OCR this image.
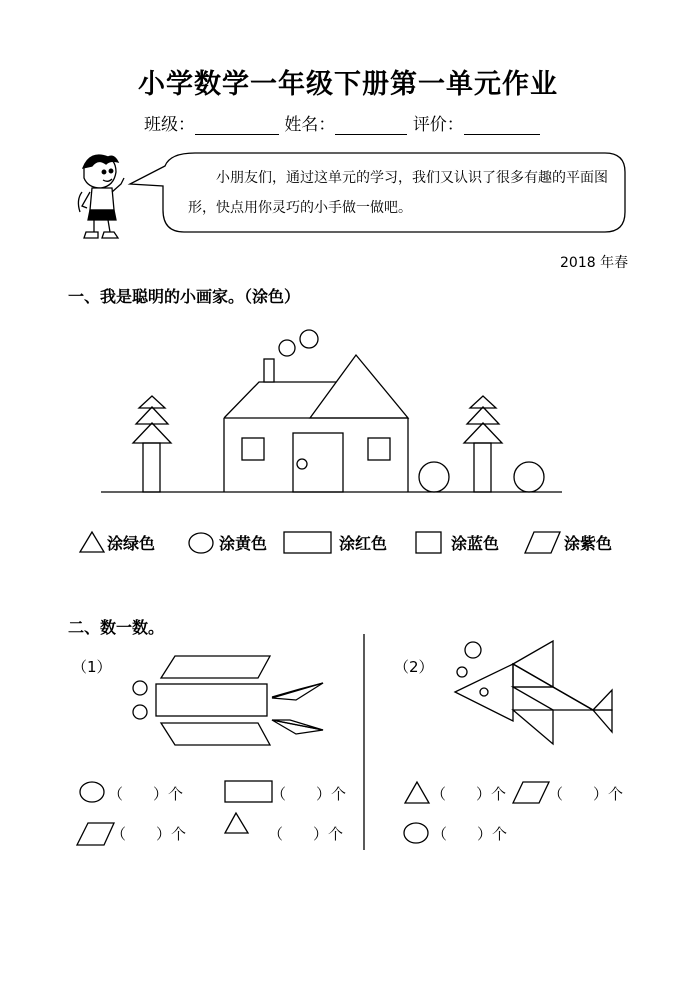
小学数学一年级下册第一单元作业
班级：	姓名：	评价：
小朋友们，通过这单元的学习，我们又认识了很多有趣的平面图形，快点用你灵巧的小手做一做吧。
2018 年春
一、我是聪明的小画家。（涂色）
涂绿色	涂黄色	涂红色	涂蓝色	涂紫色
二、数一数。
（1）	（2）
（　　）个	（　　）个
（　　）个	（　　）个
（　　）个	（　　）个
（　　）个
